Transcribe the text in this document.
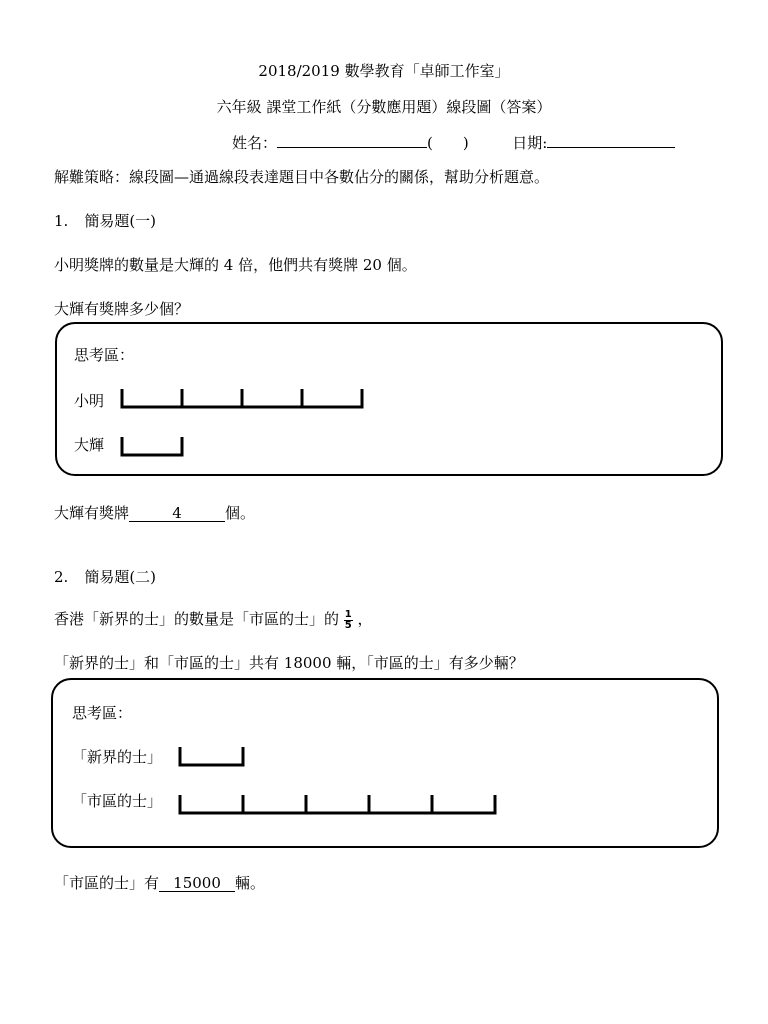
2018/2019 數學教育「卓師工作室」
六年級 課堂工作紙（分數應用題）線段圖（答案）
姓名：	(　　)	日期:
解難策略：線段圖—通過線段表達題目中各數佔分的關係，幫助分析題意。
1. 簡易題(一)
小明獎牌的數量是大輝的 4 倍，他們共有獎牌 20 個。
大輝有獎牌多少個？
思考區：
小明
大輝
大輝有獎牌	4	個。
2. 簡易題(二)
香港「新界的士」的數量是「市區的士」的 $\frac{1}{5}$ ，
「新界的士」和「市區的士」共有 18000 輛，「市區的士」有多少輛？
思考區：
「新界的士」
「市區的士」
「市區的士」有 15000 輛。
